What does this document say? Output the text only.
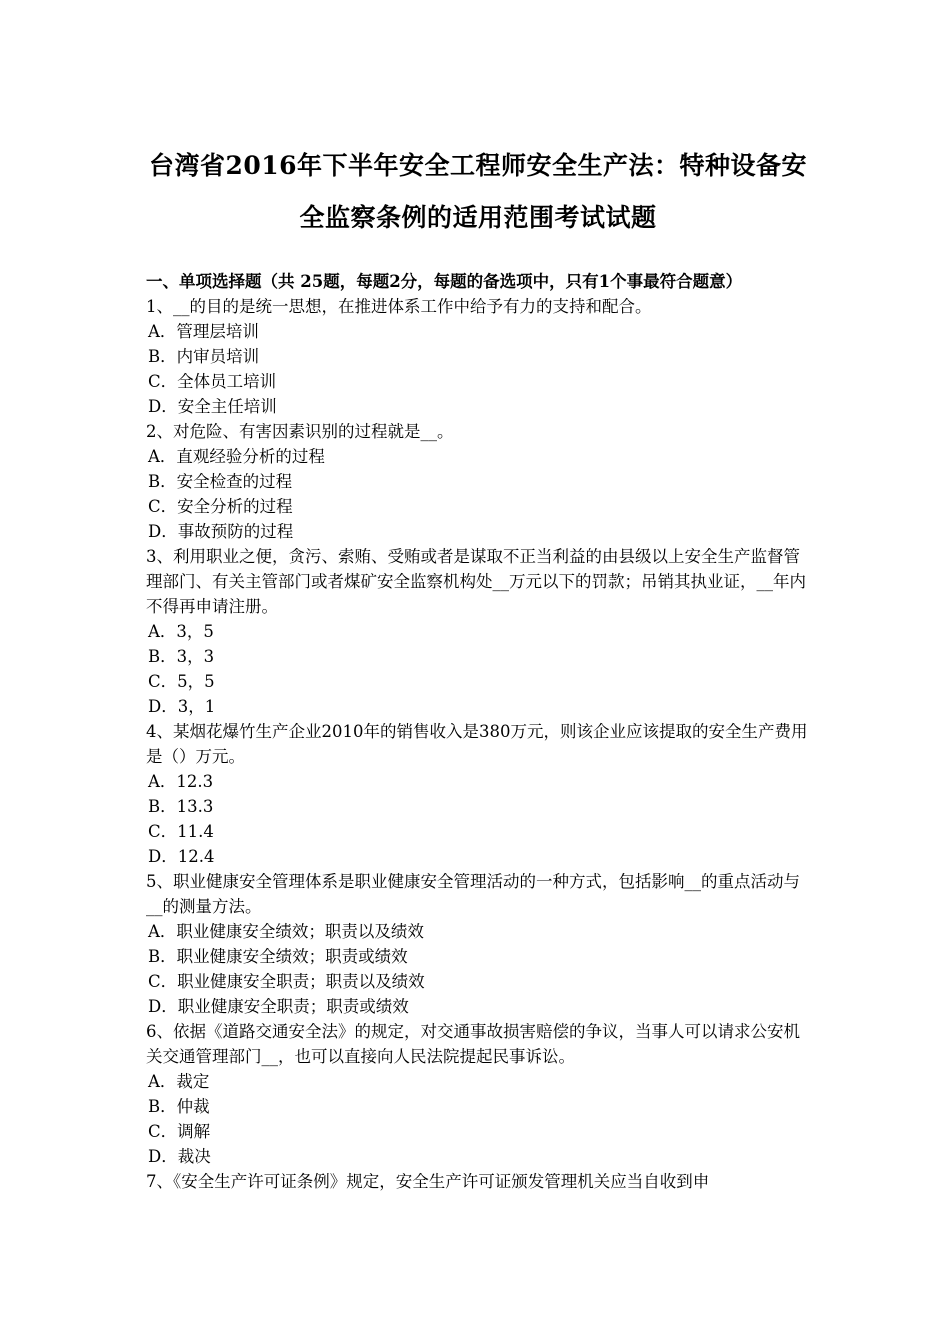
台湾省2016年下半年安全工程师安全生产法：特种设备安
全监察条例的适用范围考试试题
一、单项选择题（共 25题，每题2分，每题的备选项中，只有1个事最符合题意）

1、__的目的是统一思想，在推进体系工作中给予有力的支持和配合。

A．管理层培训
B．内审员培训
C．全体员工培训
D．安全主任培训

2、对危险、有害因素识别的过程就是__。

A．直观经验分析的过程
B．安全检查的过程
C．安全分析的过程
D．事故预防的过程

3、利用职业之便，贪污、索贿、受贿或者是谋取不正当利益的由县级以上安全生产监督管理部门、有关主管部门或者煤矿安全监察机构处__万元以下的罚款；吊销其执业证，__年内不得再申请注册。

A．3，5
B．3，3
C．5，5
D．3，1

4、某烟花爆竹生产企业2010年的销售收入是380万元，则该企业应该提取的安全生产费用是（）万元。

A．12.3
B．13.3
C．11.4
D．12.4

5、职业健康安全管理体系是职业健康安全管理活动的一种方式，包括影响__的重点活动与__的测量方法。

A．职业健康安全绩效；职责以及绩效
B．职业健康安全绩效；职责或绩效
C．职业健康安全职责；职责以及绩效
D．职业健康安全职责；职责或绩效

6、依据《道路交通安全法》的规定，对交通事故损害赔偿的争议，当事人可以请求公安机关交通管理部门__，也可以直接向人民法院提起民事诉讼。

A．裁定
B．仲裁
C．调解
D．裁决

7、《安全生产许可证条例》规定，安全生产许可证颁发管理机关应当自收到申
